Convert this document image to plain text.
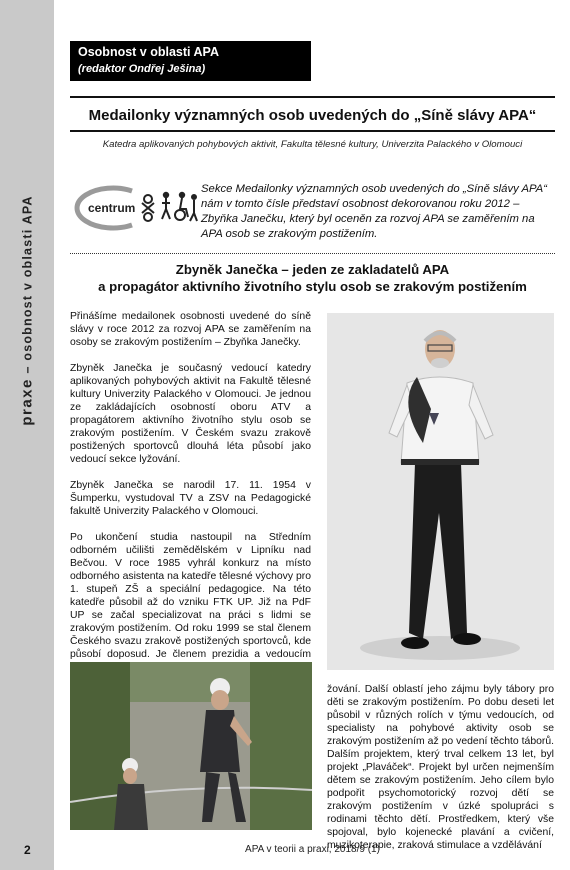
praxe – osobnost v oblasti APA
Osobnost v oblasti APA
(redaktor Ondřej Ješina)
Medailonky významných osob uvedených do „Síně slávy APA“
Katedra aplikovaných pohybových aktivit, Fakulta tělesné kultury, Univerzita Palackého v Olomouci
centrum
Sekce Medailonky významných osob uvedených do „Síně slávy APA“ nám v tomto čísle představí osobnost dekorovanou roku 2012 – Zbyňka Janečku, který byl oceněn za rozvoj APA se zaměřením na APA osob se zrakovým postižením.
Zbyněk Janečka – jeden ze zakladatelů APA
a propagátor aktivního životního stylu osob se zrakovým postižením

Přinášíme medailonek osobnosti uvedené do síně slávy v roce 2012 za rozvoj APA se zaměřením na osoby se zrakovým postižením – Zbyňka Janečky.

Zbyněk Janečka je současný vedoucí katedry aplikovaných pohybových aktivit na Fakultě tělesné kultury Univerzity Palackého v Olomouci. Je jednou ze zakládajících osobností oboru ATV a propagátorem aktivního životního stylu osob se zrakovým postižením. V Českém svazu zrakově postižených sportovců dlouhá léta působí jako vedoucí sekce lyžování.

Zbyněk Janečka se narodil 17. 11. 1954 v Šumperku, vystudoval TV a ZSV na Pedagogické fakultě Univerzity Palackého v Olomouci.

Po ukončení studia nastoupil na Středním odborném učilišti zemědělském v Lipníku nad Bečvou. V roce 1985 vyhrál konkurz na místo odborného asistenta na katedře tělesné výchovy pro 1. stupeň ZŠ a speciální pedagogice. Na této katedře působil až do vzniku FTK UP. Již na PdF UP se začal specializovat na práci s lidmi se zrakovým postižením. Od roku 1999 se stal členem Českého svazu zrakově postižených sportovců, kde působí doposud. Je členem prezidia a vedoucím

žování. Další oblastí jeho zájmu byly tábory pro děti se zrakovým postižením. Po dobu deseti let působil v různých rolích v týmu vedoucích, od specialisty na pohybové aktivity osob se zrakovým postižením až po vedení těchto táborů. Dalším projektem, který trval celkem 13 let, byl projekt „Plaváček“. Projekt byl určen nejmenším dětem se zrakovým postižením. Jeho cílem bylo podpořit psychomotorický rozvoj dětí se zrakovým postižením v úzké spolupráci s rodinami těchto dětí. Prostředkem, který vše spojoval, bylo kojenecké plavání a cvičení, muzikoterapie, zraková stimulace a vzdělávání

2	APA v teorii a praxi, 2018/9 (1)
